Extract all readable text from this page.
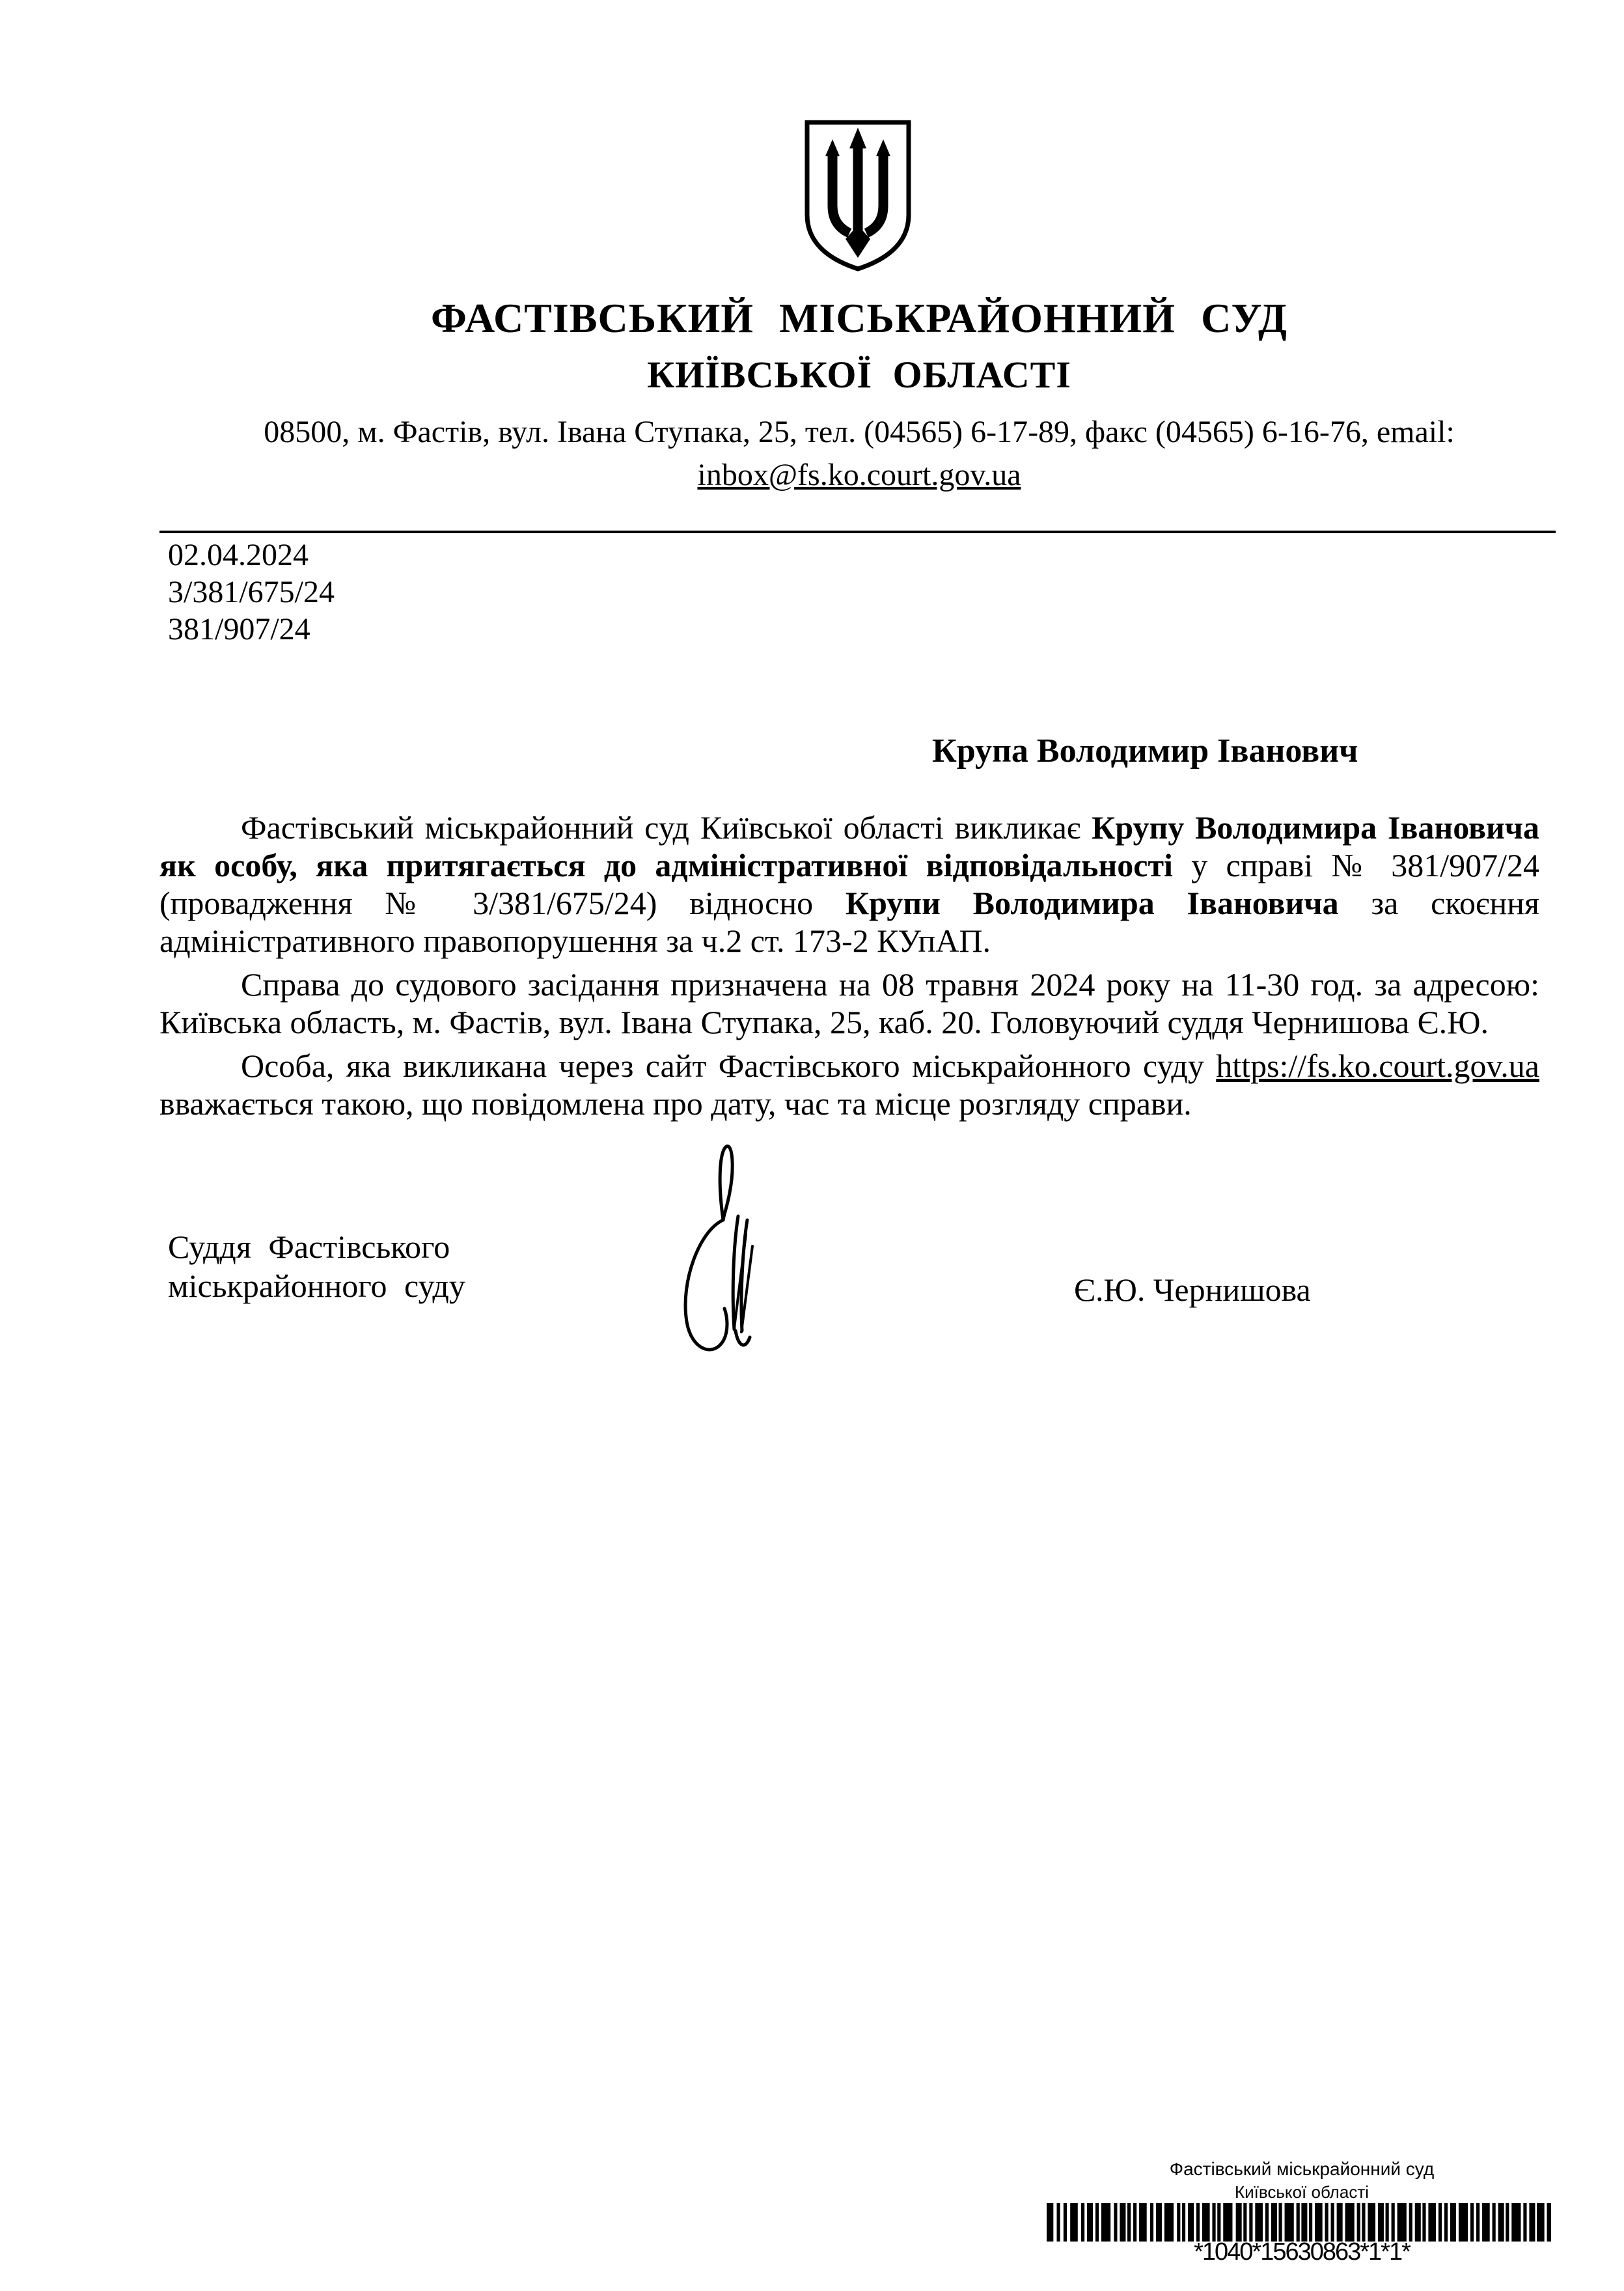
ФАСТІВСЬКИЙ МІСЬКРАЙОННИЙ СУД
КИЇВСЬКОЇ ОБЛАСТІ
08500, м. Фастів, вул. Івана Ступака, 25, тел. (04565) 6-17-89, факс (04565) 6-16-76, email:
inbox@fs.ko.court.gov.ua
02.04.2024
3/381/675/24
381/907/24
Крупа Володимир Іванович

Фастівський міськрайонний суд Київської області викликає Крупу Володимира Івановича як особу, яка притягається до адміністративної відповідальності у справі № 381/907/24 (провадження № 3/381/675/24) відносно Крупи Володимира Івановича за скоєння адміністративного правопорушення за ч.2 ст. 173-2 КУпАП.

Справа до судового засідання призначена на 08 травня 2024 року на 11-30 год. за адресою: Київська область, м. Фастів, вул. Івана Ступака, 25, каб. 20. Головуючий суддя Чернишова Є.Ю.

Особа, яка викликана через сайт Фастівського міськрайонного суду https://fs.ko.court.gov.ua вважається такою, що повідомлена про дату, час та місце розгляду справи.

Суддя Фастівського
міськрайонного суду	Є.Ю. Чернишова
Фастівський міськрайонний суд
Київської області
*1040*15630863*1*1*
